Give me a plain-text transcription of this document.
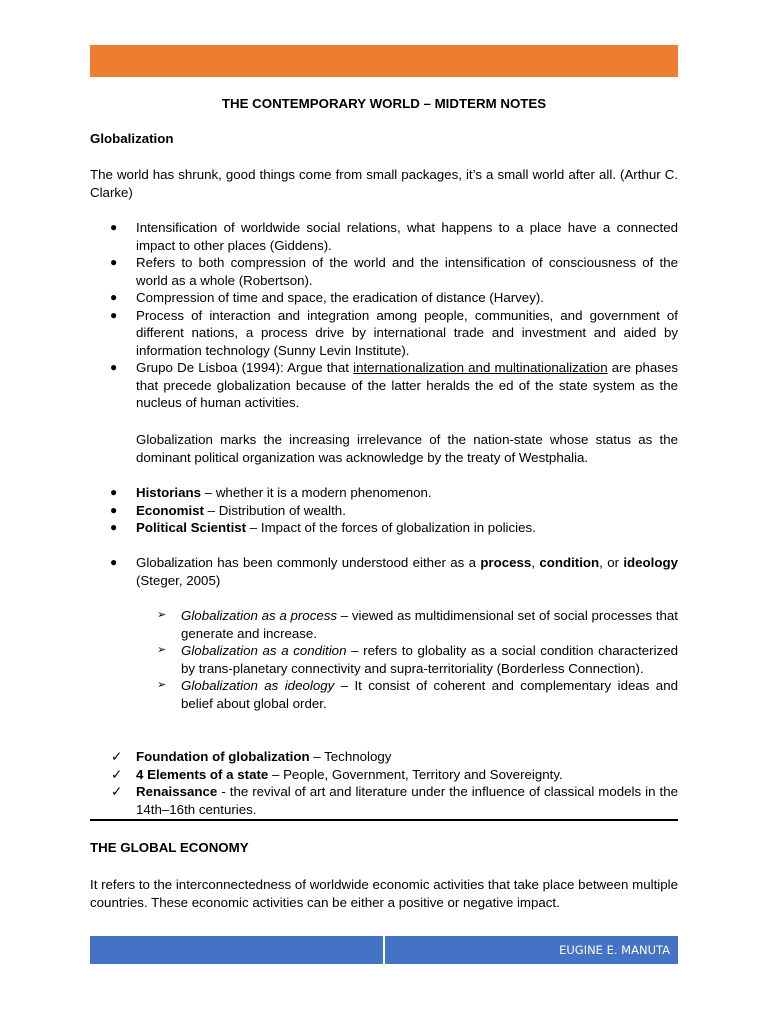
THE CONTEMPORARY WORLD – MIDTERM NOTES
Globalization

The world has shrunk, good things come from small packages, it’s a small world after all. (Arthur C. Clarke)

● Intensification of worldwide social relations, what happens to a place have a connected impact to other places (Giddens).
● Refers to both compression of the world and the intensification of consciousness of the world as a whole (Robertson).
● Compression of time and space, the eradication of distance (Harvey).
● Process of interaction and integration among people, communities, and government of different nations, a process drive by international trade and investment and aided by information technology (Sunny Levin Institute).
● Grupo De Lisboa (1994): Argue that internationalization and multinationalization are phases that precede globalization because of the latter heralds the ed of the state system as the nucleus of human activities.

Globalization marks the increasing irrelevance of the nation-state whose status as the dominant political organization was acknowledge by the treaty of Westphalia.

● Historians – whether it is a modern phenomenon.
● Economist – Distribution of wealth.
● Political Scientist – Impact of the forces of globalization in policies.
● Globalization has been commonly understood either as a process, condition, or ideology (Steger, 2005)
➢ Globalization as a process – viewed as multidimensional set of social processes that generate and increase.
➢ Globalization as a condition – refers to globality as a social condition characterized by trans-planetary connectivity and supra-territoriality (Borderless Connection).
➢ Globalization as ideology – It consist of coherent and complementary ideas and belief about global order.
✓ Foundation of globalization – Technology
✓ 4 Elements of a state – People, Government, Territory and Sovereignty.
✓ Renaissance - the revival of art and literature under the influence of classical models in the 14th–16th centuries.
THE GLOBAL ECONOMY

It refers to the interconnectedness of worldwide economic activities that take place between multiple countries. These economic activities can be either a positive or negative impact.

EUGINE E. MANUTA
